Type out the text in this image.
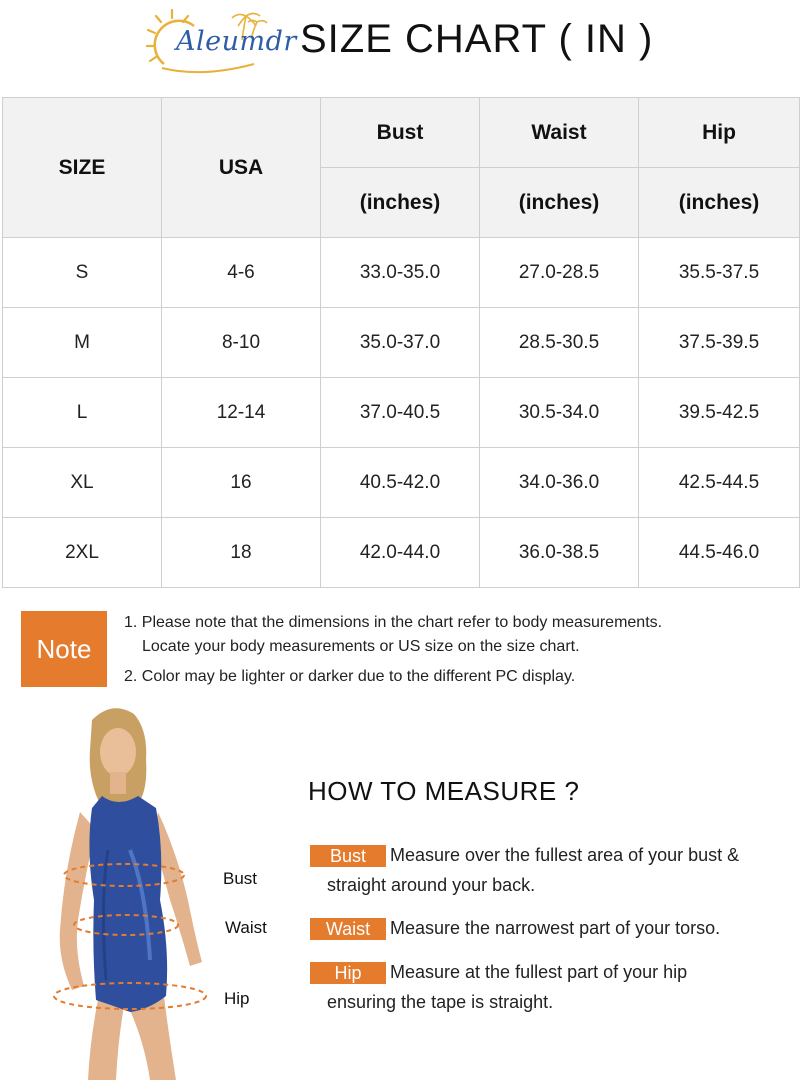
Aleumdr SIZE CHART ( IN )
SIZE	USA	Bust	Waist	Hip
		(inches)	(inches)	(inches)
S	4-6	33.0-35.0	27.0-28.5	35.5-37.5
M	8-10	35.0-37.0	28.5-30.5	37.5-39.5
L	12-14	37.0-40.5	30.5-34.0	39.5-42.5
XL	16	40.5-42.0	34.0-36.0	42.5-44.5
2XL	18	42.0-44.0	36.0-38.5	44.5-46.0
Note
1. Please note that the dimensions in the chart refer to body measurements.
Locate your body measurements or US size on the size chart.
2. Color may be lighter or darker due to the different PC display.
Bust
Waist
Hip
HOW TO MEASURE ?
Bust	Measure over the fullest area of your bust &
straight around your back.
Waist	Measure the narrowest part of your torso.
Hip	Measure at the fullest part of your hip
ensuring the tape is straight.
